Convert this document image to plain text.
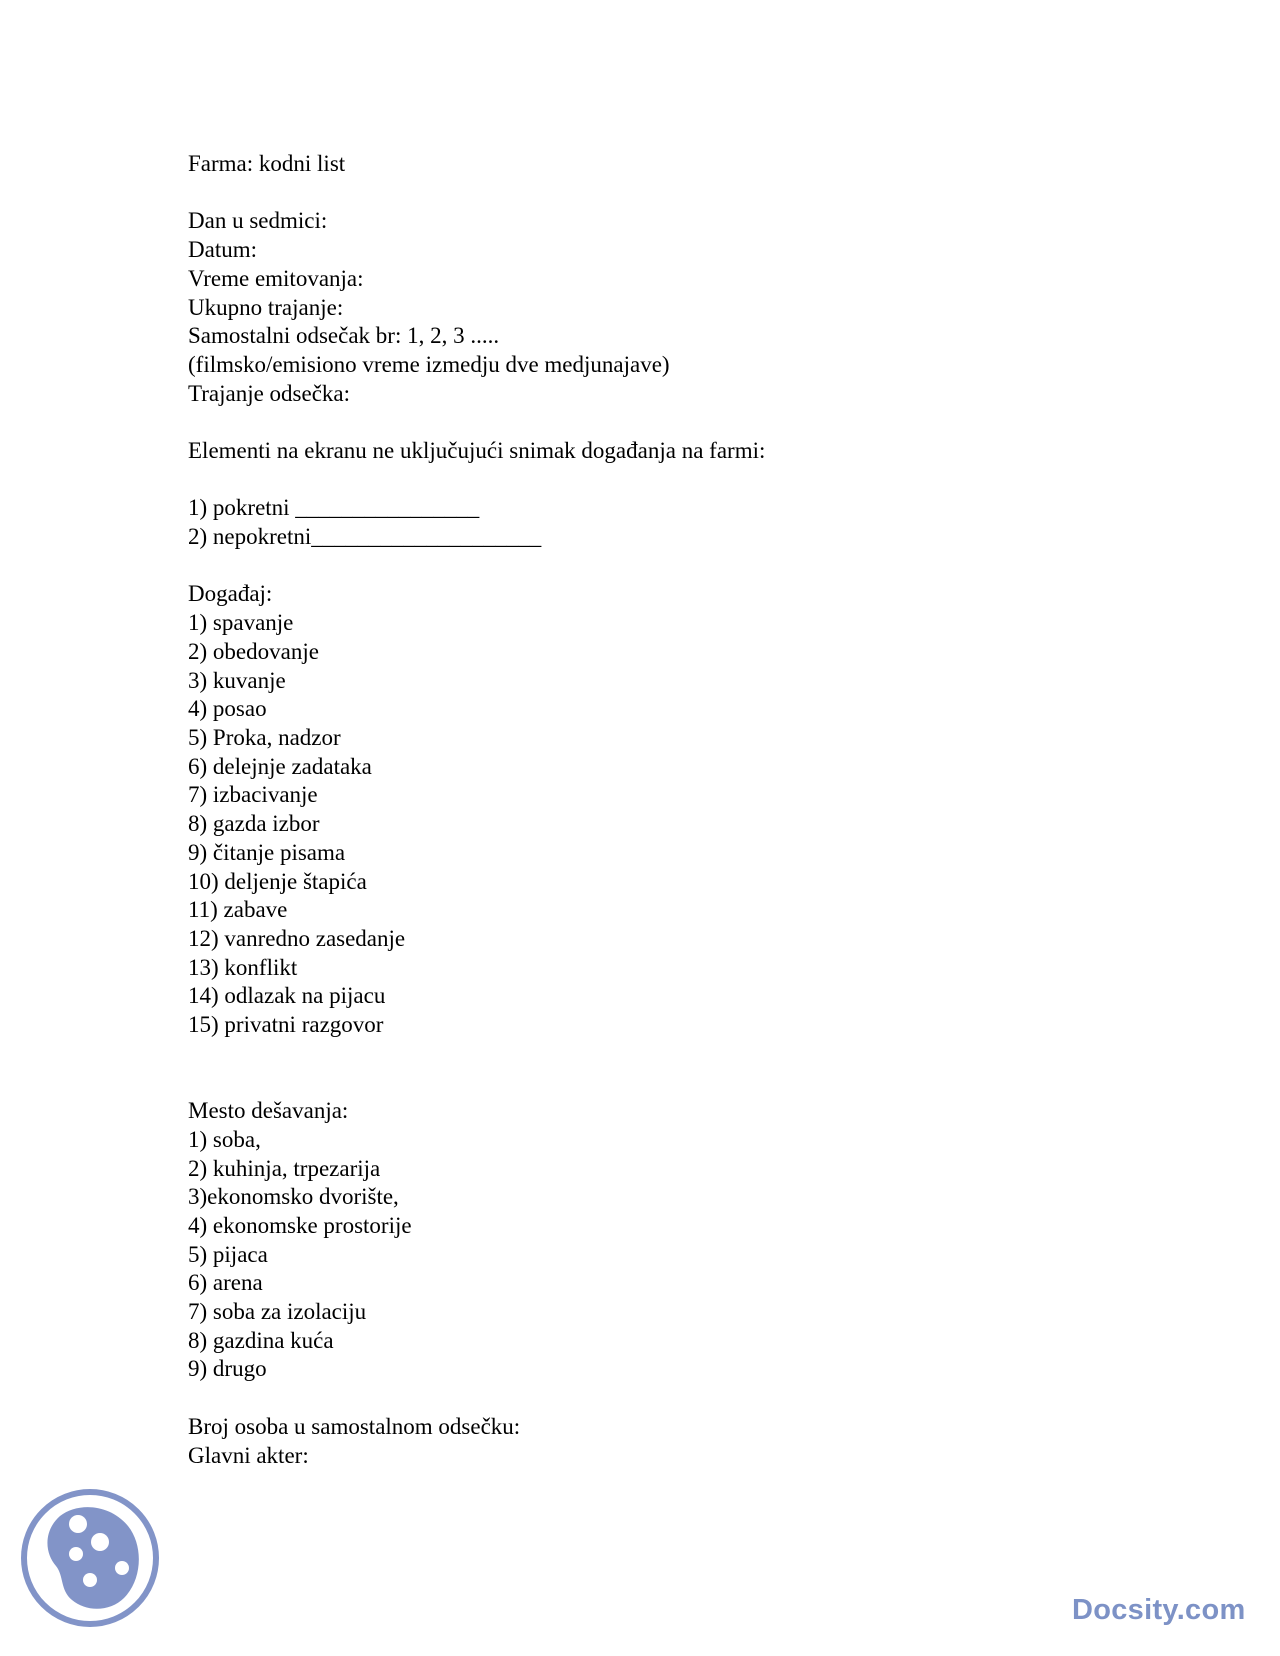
Farma: kodni list
Dan u sedmici:
Datum:
Vreme emitovanja:
Ukupno trajanje:
Samostalni odsečak br: 1, 2, 3 .....
(filmsko/emisiono vreme izmedju dve medjunajave)
Trajanje odsečka:
Elementi na ekranu ne uključujući snimak događanja na farmi:
1) pokretni ________________
2) nepokretni____________________
Događaj:
1) spavanje
2) obedovanje
3) kuvanje
4) posao
5) Proka, nadzor
6) delejnje zadataka
7) izbacivanje
8) gazda izbor
9) čitanje pisama
10) deljenje štapića
11) zabave
12) vanredno zasedanje
13) konflikt
14) odlazak na pijacu
15) privatni razgovor
Mesto dešavanja:
1) soba,
2) kuhinja, trpezarija
3)ekonomsko dvorište,
4) ekonomske prostorije
5) pijaca
6) arena
7) soba za izolaciju
8) gazdina kuća
9) drugo
Broj osoba u samostalnom odsečku:
Glavni akter:
Docsity.com
